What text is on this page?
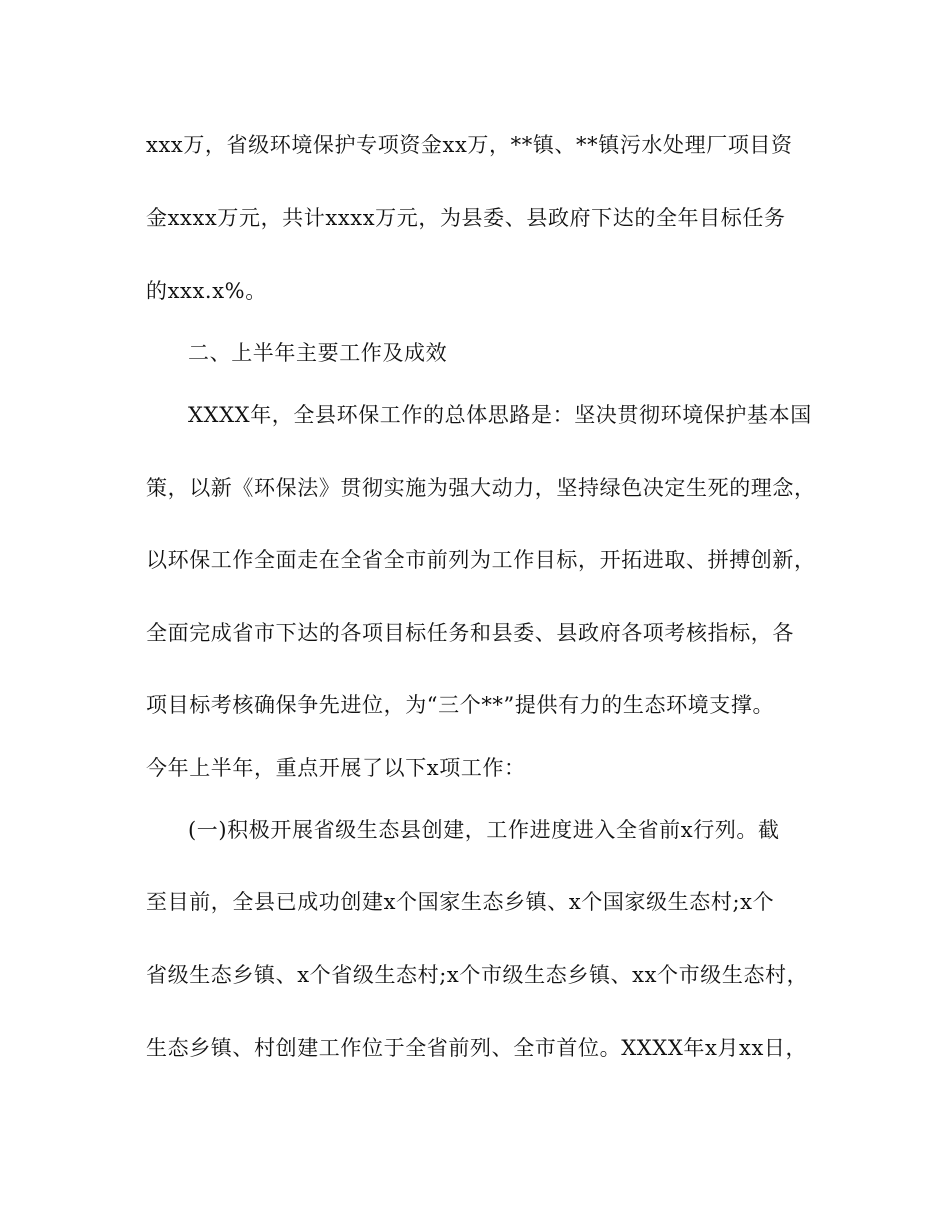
xxx万，省级环境保护专项资金xx万，**镇、**镇污水处理厂项目资
金xxxx万元，共计xxxx万元，为县委、县政府下达的全年目标任务
的xxx.x%。
二、上半年主要工作及成效
XXXX年，全县环保工作的总体思路是：坚决贯彻环境保护基本国
策，以新《环保法》贯彻实施为强大动力，坚持绿色决定生死的理念，
以环保工作全面走在全省全市前列为工作目标，开拓进取、拼搏创新，
全面完成省市下达的各项目标任务和县委、县政府各项考核指标，各
项目标考核确保争先进位，为“三个**”提供有力的生态环境支撑。
今年上半年，重点开展了以下x项工作：
(一)积极开展省级生态县创建，工作进度进入全省前x行列。截
至目前，全县已成功创建x个国家生态乡镇、x个国家级生态村;x个
省级生态乡镇、x个省级生态村;x个市级生态乡镇、xx个市级生态村，
生态乡镇、村创建工作位于全省前列、全市首位。XXXX年x月xx日，
